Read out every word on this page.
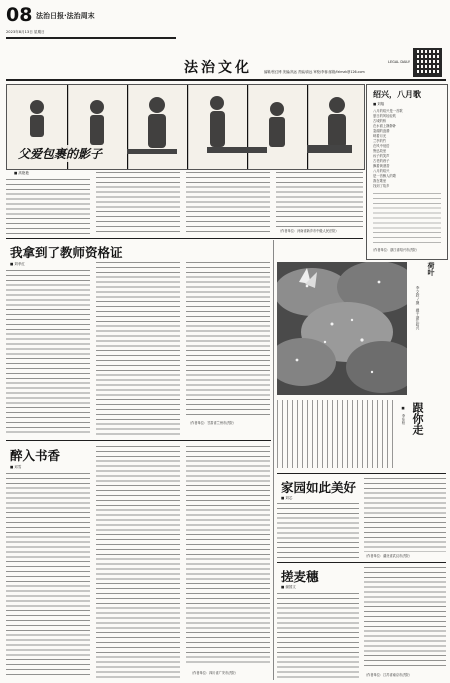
08 法治日报·法治周末
2023年8月13日 星期日
法治文化	编辑/张红博 美编/高远 责编/高远 审校/李蓉 邮箱/fzlmzk@126.com
LEGAL DAILY
父爱包裹的影子
绍兴，八月歌
■ 刘翔
八月的绍兴是一首歌
夏日的风轻轻吹
古城的桥
在水面上静静卧
鉴湖的涟漪
映着月光
兰亭的竹
在风中低语
鲁迅故里
孩子的笑声
古老的巷子
飘着黄酒香
八月的绍兴
是一首醉人的歌
我在歌里
找到了故乡
（作者单位：浙江省绍兴市法院）
■ 高艳艳
（作者单位：河南省新乡市中级人民法院）
我拿到了教师资格证
■ 刘孝红
（作者单位：甘肃省兰州市法院）
荷叶
李文欣/摄 摄于浙江绍兴
跟你走
■ 李东柏
醉入书香
■ 邓雪
（作者单位：四川省广安市法院）
家园如此美好
■ 刘芯
（作者单位：湖北省武汉市法院）
搓麦穗
■ 谢国文
（作者单位：江苏省南京市法院）
